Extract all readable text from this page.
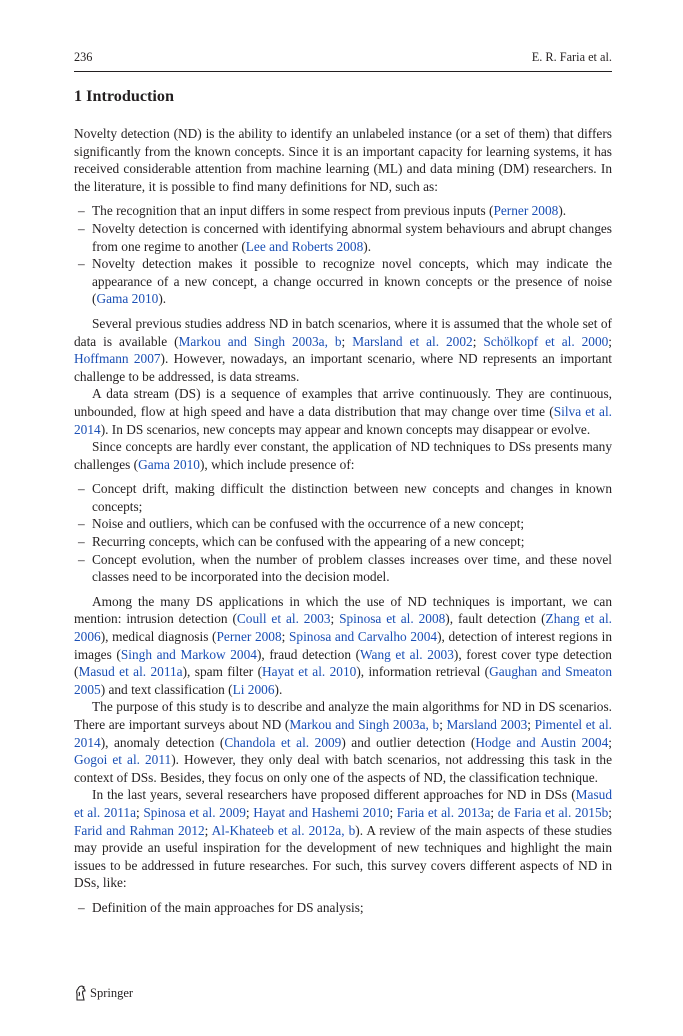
236	E. R. Faria et al.
1 Introduction

Novelty detection (ND) is the ability to identify an unlabeled instance (or a set of them) that differs significantly from the known concepts. Since it is an important capacity for learning systems, it has received considerable attention from machine learning (ML) and data mining (DM) researchers. In the literature, it is possible to find many definitions for ND, such as:

– The recognition that an input differs in some respect from previous inputs (Perner 2008).
– Novelty detection is concerned with identifying abnormal system behaviours and abrupt changes from one regime to another (Lee and Roberts 2008).
– Novelty detection makes it possible to recognize novel concepts, which may indicate the appearance of a new concept, a change occurred in known concepts or the presence of noise (Gama 2010).

Several previous studies address ND in batch scenarios, where it is assumed that the whole set of data is available (Markou and Singh 2003a, b; Marsland et al. 2002; Schölkopf et al. 2000; Hoffmann 2007). However, nowadays, an important scenario, where ND represents an important challenge to be addressed, is data streams.

A data stream (DS) is a sequence of examples that arrive continuously. They are continuous, unbounded, flow at high speed and have a data distribution that may change over time (Silva et al. 2014). In DS scenarios, new concepts may appear and known concepts may disappear or evolve.

Since concepts are hardly ever constant, the application of ND techniques to DSs presents many challenges (Gama 2010), which include presence of:

– Concept drift, making difficult the distinction between new concepts and changes in known concepts;
– Noise and outliers, which can be confused with the occurrence of a new concept;
– Recurring concepts, which can be confused with the appearing of a new concept;
– Concept evolution, when the number of problem classes increases over time, and these novel classes need to be incorporated into the decision model.

Among the many DS applications in which the use of ND techniques is important, we can mention: intrusion detection (Coull et al. 2003; Spinosa et al. 2008), fault detection (Zhang et al. 2006), medical diagnosis (Perner 2008; Spinosa and Carvalho 2004), detection of interest regions in images (Singh and Markow 2004), fraud detection (Wang et al. 2003), forest cover type detection (Masud et al. 2011a), spam filter (Hayat et al. 2010), information retrieval (Gaughan and Smeaton 2005) and text classification (Li 2006).

The purpose of this study is to describe and analyze the main algorithms for ND in DS scenarios. There are important surveys about ND (Markou and Singh 2003a, b; Marsland 2003; Pimentel et al. 2014), anomaly detection (Chandola et al. 2009) and outlier detection (Hodge and Austin 2004; Gogoi et al. 2011). However, they only deal with batch scenarios, not addressing this task in the context of DSs. Besides, they focus on only one of the aspects of ND, the classification technique.

In the last years, several researchers have proposed different approaches for ND in DSs (Masud et al. 2011a; Spinosa et al. 2009; Hayat and Hashemi 2010; Faria et al. 2013a; de Faria et al. 2015b; Farid and Rahman 2012; Al-Khateeb et al. 2012a, b). A review of the main aspects of these studies may provide an useful inspiration for the development of new techniques and highlight the main issues to be addressed in future researches. For such, this survey covers different aspects of ND in DSs, like:

– Definition of the main approaches for DS analysis;
Springer
